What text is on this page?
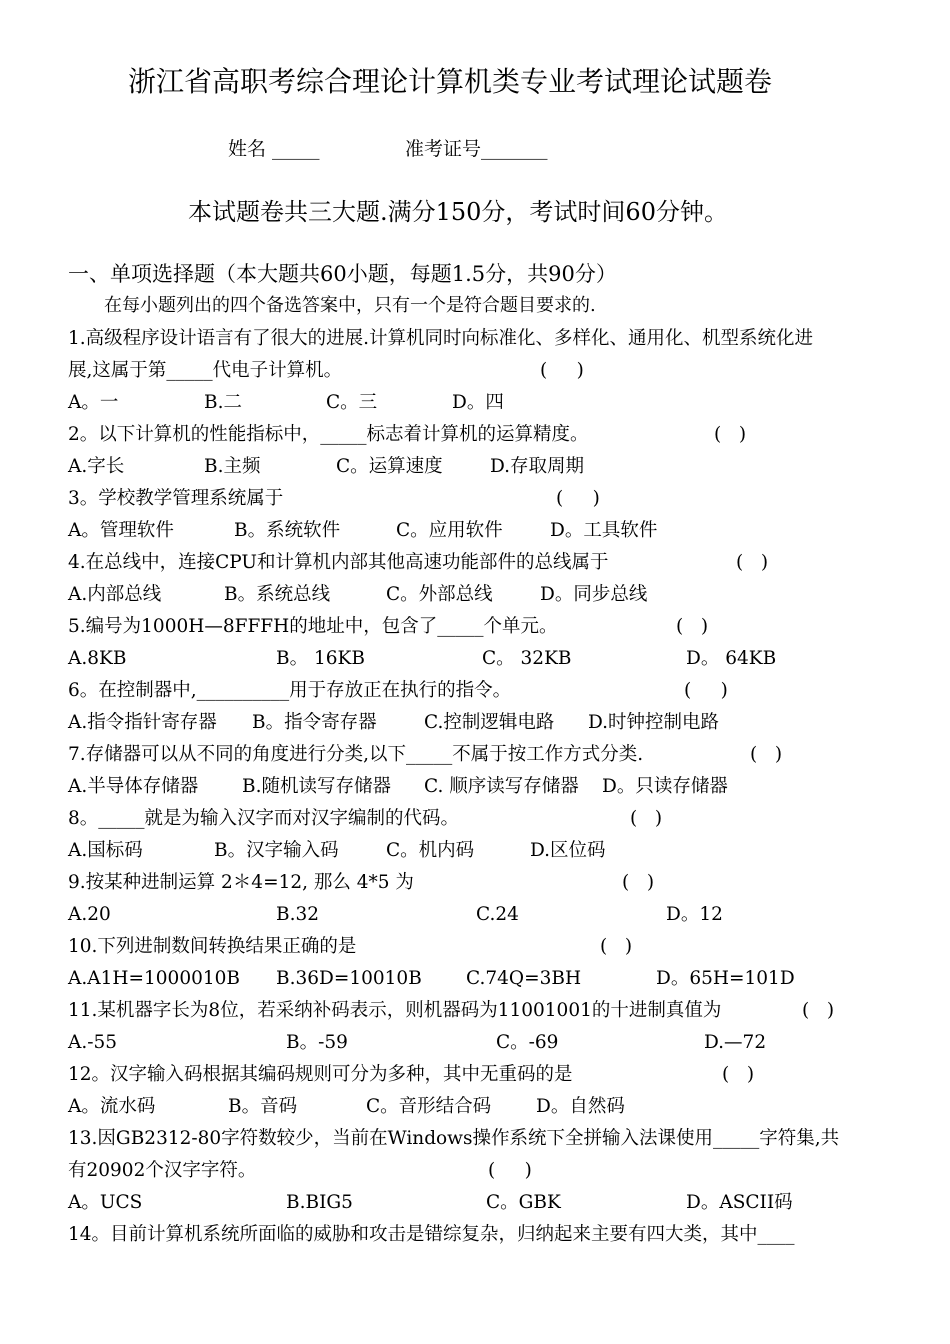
浙江省高职考综合理论计算机类专业考试理论试题卷
姓名 _____	准考证号_______
本试题卷共三大题.满分150分，考试时间60分钟。
一、单项选择题（本大题共60小题，每题1.5分，共90分）
在每小题列出的四个备选答案中，只有一个是符合题目要求的.
1.高级程序设计语言有了很大的进展.计算机同时向标准化、多样化、通用化、机型系统化进
展,这属于第_____代电子计算机。	(     )
A。一	B.二	C。三	D。四
2。以下计算机的性能指标中，_____标志着计算机的运算精度。	(   )
A.字长	B.主频	C。运算速度	D.存取周期
3。学校教学管理系统属于	(     )
A。管理软件	B。系统软件	C。应用软件	D。工具软件
4.在总线中，连接CPU和计算机内部其他高速功能部件的总线属于	(   )
A.内部总线	B。系统总线	C。外部总线	D。同步总线
5.编号为1000H—8FFFH的地址中，包含了_____个单元。	(   )
A.8KB	B。 16KB	C。 32KB	D。 64KB
6。在控制器中,__________用于存放正在执行的指令。	(     )
A.指令指针寄存器 B。指令寄存器	C.控制逻辑电路 D.时钟控制电路
7.存储器可以从不同的角度进行分类,以下_____不属于按工作方式分类.	(   )
A.半导体存储器 B.随机读写存储器 C. 顺序读写存储器 D。只读存储器
8。_____就是为输入汉字而对汉字编制的代码。	(   )
A.国标码	B。汉字输入码	C。机内码	D.区位码
9.按某种进制运算 2＊4=12, 那么 4*5 为	(   )
A.20	B.32	C.24	D。12
10.下列进制数间转换结果正确的是	(   )
A.A1H=1000010B B.36D=10010B C.74Q=3BH	D。65H=101D
11.某机器字长为8位，若采纳补码表示，则机器码为11001001的十进制真值为	(   )
A.-55	B。-59	C。-69	D.—72
12。汉字输入码根据其编码规则可分为多种，其中无重码的是	(   )
A。流水码	B。音码	C。音形结合码 D。自然码
13.因GB2312-80字符数较少，当前在Windows操作系统下全拼输入法课使用_____字符集,共
有20902个汉字字符。	(     )
A。UCS	B.BIG5	C。GBK	D。ASCII码
14。目前计算机系统所面临的威胁和攻击是错综复杂，归纳起来主要有四大类，其中____
